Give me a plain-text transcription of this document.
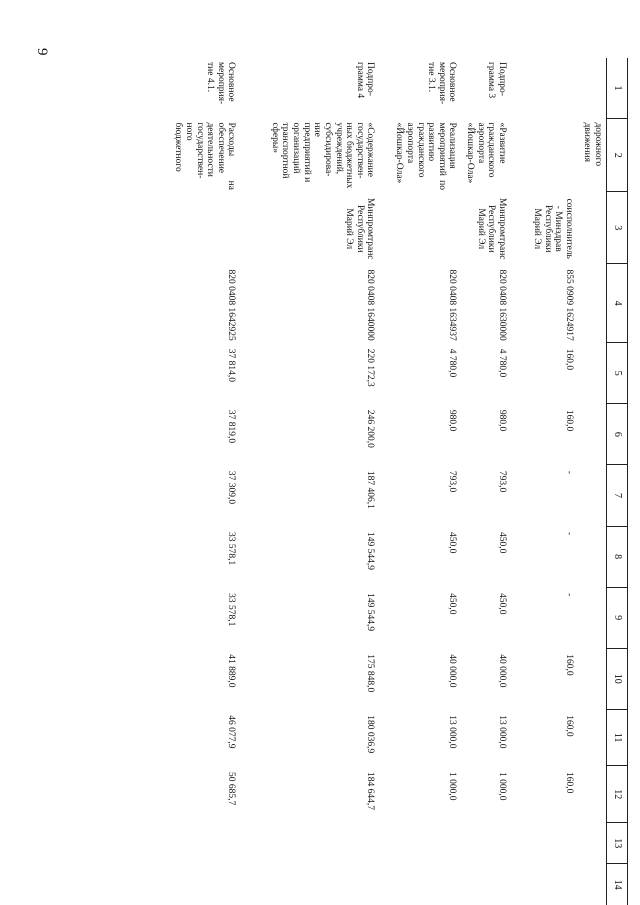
9
1	2	3	4	5	6	7	8	9	10	11	12	13	14
	дорожного движения												
		соисполнитель - Минздрав Республики Марий Эл	855 0909 1624917	160,0	160,0	-	-	-	160,0	160,0	160,0		
Подпро-грамма 3	«Развитие гражданского аэропорта «Йошкар-Ола»	Минпромтранс Республики Марий Эл	820 0408 1630000	4 780,0	980,0	793,0	450,0	450,0	40 000,0	13 000,0	1 000,0		
Основное мероприя-тие 3.1.	Реализация мероприятий по развитию гражданского аэропорта «Йошкар-Ола»		820 0408 1634937	4 780,0	980,0	793,0	450,0	450,0	40 000,0	13 000,0	1 000,0		
Подпро-грамма 4	«Содержание государствен-ных бюджетных учреждений, субсидирова-ние предприятий и организаций транспортной сферы»	Минпромтранс Республики Марий Эл	820 0408 1640000	220 172,3	246 200,0	187 406,1	149 544,9	149 544,9	175 848,0	180 036,9	184 644,7		
Основное мероприя-тие 4.1.	Расходы на обеспечение деятельности государствен-ного бюджетного		820 0408 1642925	37 814,0	37 819,0	37 309,0	33 578,1	33 578,1	41 889,0	46 077,9	50 685,7		
